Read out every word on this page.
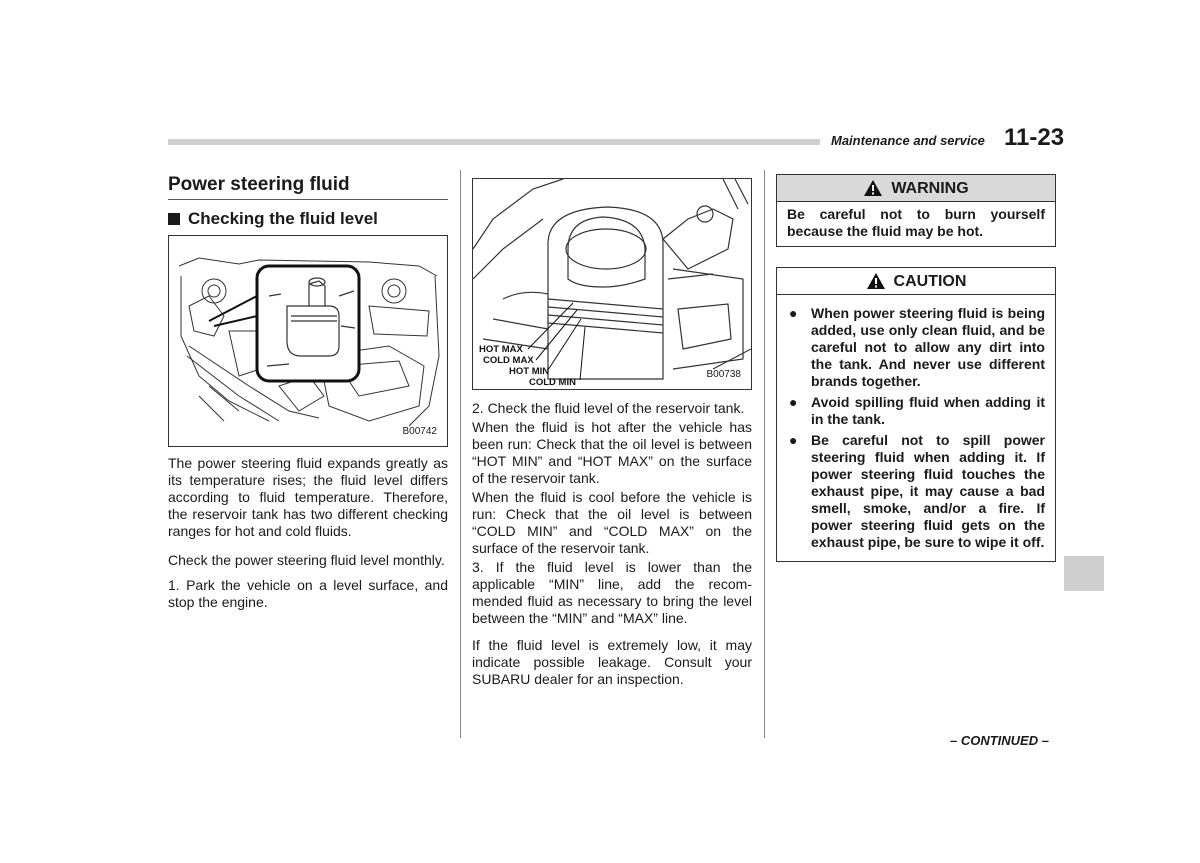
Maintenance and service 11-23
Power steering fluid
Checking the fluid level
B00742

The power steering fluid expands greatly as its temperature rises; the fluid level differs according to fluid temperature. Therefore, the reservoir tank has two different checking ranges for hot and cold fluids.

Check the power steering fluid level monthly.

1. Park the vehicle on a level surface, and stop the engine.

HOT MAX
COLD MAX
HOT MIN
COLD MIN
B00738

2. Check the fluid level of the reservoir tank.

When the fluid is hot after the vehicle has been run: Check that the oil level is between “HOT MIN” and “HOT MAX” on the surface of the reservoir tank.

When the fluid is cool before the vehicle is run: Check that the oil level is between “COLD MIN” and “COLD MAX” on the surface of the reservoir tank.

3. If the fluid level is lower than the applicable “MIN” line, add the recom-mended fluid as necessary to bring the level between the “MIN” and “MAX” line.

If the fluid level is extremely low, it may indicate possible leakage. Consult your SUBARU dealer for an inspection.

WARNING

Be careful not to burn yourself because the fluid may be hot.

CAUTION
● When power steering fluid is being added, use only clean fluid, and be careful not to allow any dirt into the tank. And never use different brands together.
● Avoid spilling fluid when adding it in the tank.
● Be careful not to spill power steering fluid when adding it. If power steering fluid touches the exhaust pipe, it may cause a bad smell, smoke, and/or a fire. If power steering fluid gets on the exhaust pipe, be sure to wipe it off.
– CONTINUED –
